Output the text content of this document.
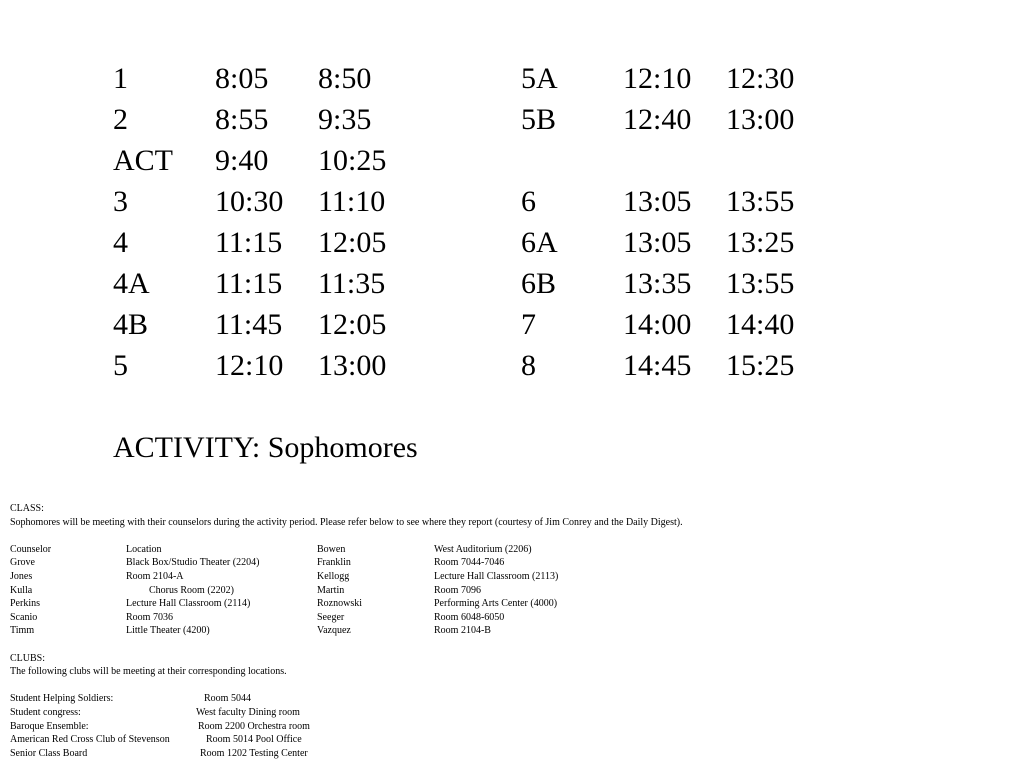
1	8:05 8:50
2	8:55 9:35
ACT 9:40 10:25
3	10:30 11:10
4	11:15 12:05
4A 11:15 11:35
4B 11:45 12:05
5	12:10 13:00
5A 12:10 12:30
5B 12:40 13:00
6	13:05 13:55
6A 13:05 13:25
6B 13:35 13:55
7	14:00 14:40
8	14:45 15:25
ACTIVITY: Sophomores
CLASS:
Sophomores will be meeting with their counselors during the activity period. Please refer below to see where they report (courtesy of Jim Conrey and the Daily Digest).
Counselor	Location	Bowen	West Auditorium (2206)
Grove	Black Box/Studio Theater (2204)	Franklin	Room 7044-7046
Jones	Room 2104-A	Kellogg	Lecture Hall Classroom (2113)
Kulla	Chorus Room (2202)	Martin	Room 7096
Perkins	Lecture Hall Classroom (2114)	Roznowski	Performing Arts Center (4000)
Scanio	Room 7036	Seeger	Room 6048-6050
Timm	Little Theater (4200)	Vazquez	Room 2104-B
CLUBS:
The following clubs will be meeting at their corresponding locations.
Student Helping Soldiers:	Room 5044
Student congress:	West faculty Dining room
Baroque Ensemble:	Room 2200 Orchestra room
American Red Cross Club of Stevenson	Room 5014 Pool Office
Senior Class Board	Room 1202 Testing Center
